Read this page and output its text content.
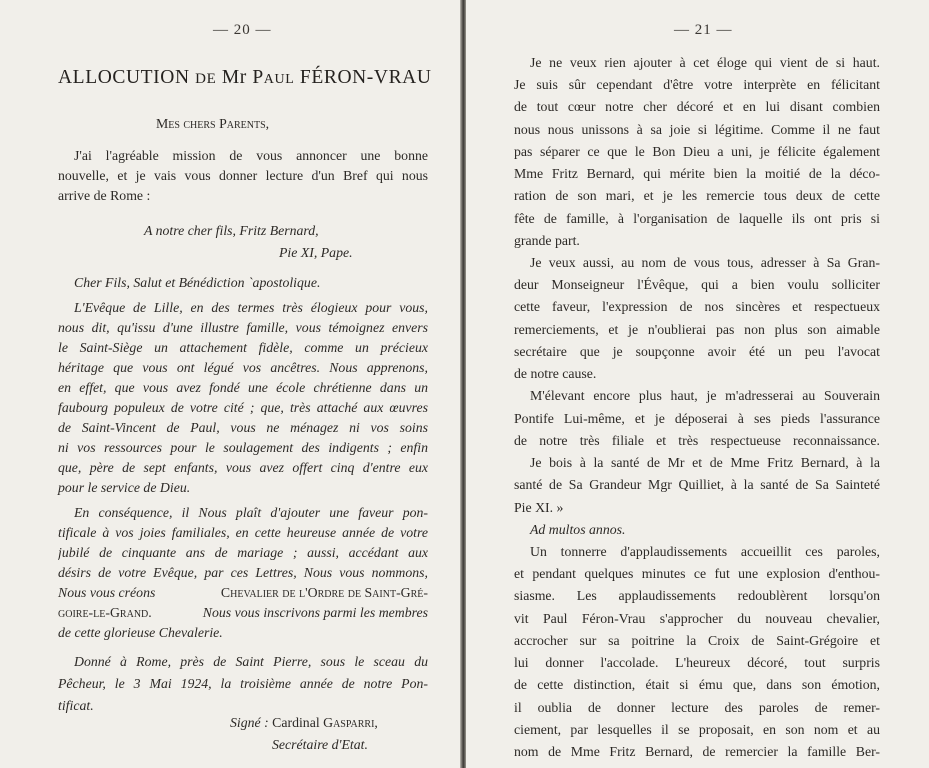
— 20 —
ALLOCUTION DE Mr Paul FÉRON-VRAU
Mes chers Parents,
J'ai l'agréable mission de vous annoncer une bonne
nouvelle, et je vais vous donner lecture d'un Bref qui nous
arrive de Rome :
A notre cher fils, Fritz Bernard,
Pie XI, Pape.
Cher Fils, Salut et Bénédiction `apostolique.
L'Evêque de Lille, en des termes très élogieux pour vous,
nous dit, qu'issu d'une illustre famille, vous témoignez envers
le Saint-Siège un attachement fidèle, comme un précieux
héritage que vous ont légué vos ancêtres. Nous apprenons,
en effet, que vous avez fondé une école chrétienne dans un
faubourg populeux de votre cité ; que, très attaché aux œuvres
de Saint-Vincent de Paul, vous ne ménagez ni vos soins
ni vos ressources pour le soulagement des indigents ; enfin
que, père de sept enfants, vous avez offert cinq d'entre eux
pour le service de Dieu.
En conséquence, il Nous plaît d'ajouter une faveur pon-
tificale à vos joies familiales, en cette heureuse année de votre
jubilé de cinquante ans de mariage ; aussi, accédant aux
désirs de votre Evêque, par ces Lettres, Nous vous nommons,
Nous vous créons	Chevalier de l'Ordre de Saint-Gré-
goire-le-Grand.	Nous vous inscrivons parmi les membres
de cette glorieuse Chevalerie.
Donné à Rome, près de Saint Pierre, sous le sceau du
Pêcheur, le 3 Mai 1924, la troisième année de notre Pon-
tificat.
Signé : Cardinal Gasparri,
Secrétaire d'Etat.
— 21 —
Je ne veux rien ajouter à cet éloge qui vient de si haut.
Je suis sûr cependant d'être votre interprète en félicitant
de tout cœur notre cher décoré et en lui disant combien
nous nous unissons à sa joie si légitime. Comme il ne faut
pas séparer ce que le Bon Dieu a uni, je félicite également
Mme Fritz Bernard, qui mérite bien la moitié de la déco-
ration de son mari, et je les remercie tous deux de cette
fête de famille, à l'organisation de laquelle ils ont pris si
grande part.
Je veux aussi, au nom de vous tous, adresser à Sa Gran-
deur Monseigneur l'Évêque, qui a bien voulu solliciter
cette faveur, l'expression de nos sincères et respectueux
remerciements, et je n'oublierai pas non plus son aimable
secrétaire que je soupçonne avoir été un peu l'avocat
de notre cause.
M'élevant encore plus haut, je m'adresserai au Souverain
Pontife Lui-même, et je déposerai à ses pieds l'assurance
de notre très filiale et très respectueuse reconnaissance.
Je bois à la santé de Mr et de Mme Fritz Bernard, à la
santé de Sa Grandeur Mgr Quilliet, à la santé de Sa Sainteté
Pie XI. »
Ad multos annos.
Un tonnerre d'applaudissements accueillit ces paroles,
et pendant quelques minutes ce fut une explosion d'enthou-
siasme. Les applaudissements redoublèrent lorsqu'on
vit Paul Féron-Vrau s'approcher du nouveau chevalier,
accrocher sur sa poitrine la Croix de Saint-Grégoire et
lui donner l'accolade. L'heureux décoré, tout surpris
de cette distinction, était si ému que, dans son émotion,
il oublia de donner lecture des paroles de remer-
ciement, par lesquelles il se proposait, en son nom et au
nom de Mme Fritz Bernard, de remercier la famille Ber-
